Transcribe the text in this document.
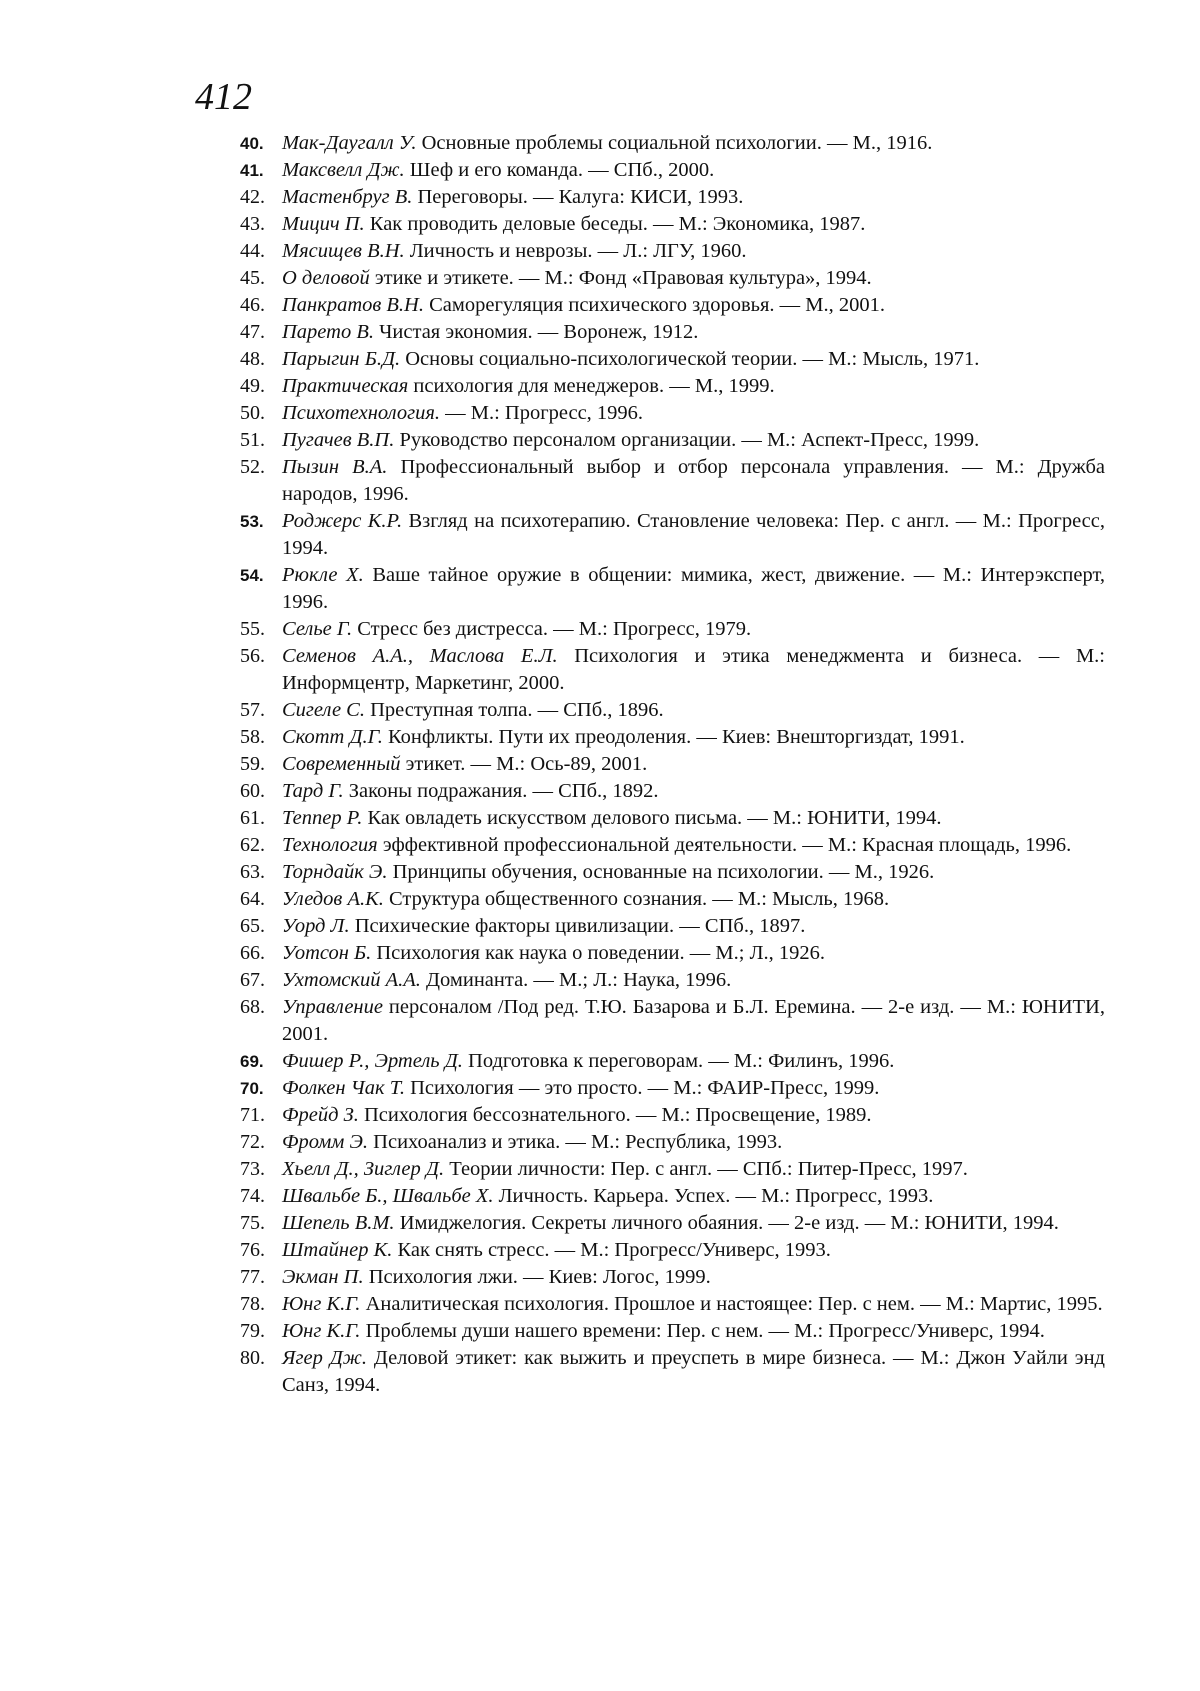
412
40. Мак-Даугалл У. Основные проблемы социальной психологии. — М., 1916.
41. Максвелл Дж. Шеф и его команда. — СПб., 2000.
42. Мастенбруг В. Переговоры. — Калуга: КИСИ, 1993.
43. Мицич П. Как проводить деловые беседы. — М.: Экономика, 1987.
44. Мясищев В.Н. Личность и неврозы. — Л.: ЛГУ, 1960.
45. О деловой этике и этикете. — М.: Фонд «Правовая культура», 1994.
46. Панкратов В.Н. Саморегуляция психического здоровья. — М., 2001.
47. Парето В. Чистая экономия. — Воронеж, 1912.
48. Парыгин Б.Д. Основы социально-психологической теории. — М.: Мысль, 1971.
49. Практическая психология для менеджеров. — М., 1999.
50. Психотехнология. — М.: Прогресс, 1996.
51. Пугачев В.П. Руководство персоналом организации. — М.: Аспект-Пресс, 1999.
52. Пызин В.А. Профессиональный выбор и отбор персонала управления. — М.: Дружба народов, 1996.
53. Роджерс К.Р. Взгляд на психотерапию. Становление человека: Пер. с англ. — М.: Прогресс, 1994.
54. Рюкле Х. Ваше тайное оружие в общении: мимика, жест, движение. — М.: Интерэксперт, 1996.
55. Селье Г. Стресс без дистресса. — М.: Прогресс, 1979.
56. Семенов А.А., Маслова Е.Л. Психология и этика менеджмента и бизнеса. — М.: Информцентр, Маркетинг, 2000.
57. Сигеле С. Преступная толпа. — СПб., 1896.
58. Скотт Д.Г. Конфликты. Пути их преодоления. — Киев: Внешторгиздат, 1991.
59. Современный этикет. — М.: Ось-89, 2001.
60. Тард Г. Законы подражания. — СПб., 1892.
61. Теппер Р. Как овладеть искусством делового письма. — М.: ЮНИТИ, 1994.
62. Технология эффективной профессиональной деятельности. — М.: Красная площадь, 1996.
63. Торндайк Э. Принципы обучения, основанные на психологии. — М., 1926.
64. Уледов А.К. Структура общественного сознания. — М.: Мысль, 1968.
65. Уорд Л. Психические факторы цивилизации. — СПб., 1897.
66. Уотсон Б. Психология как наука о поведении. — М.; Л., 1926.
67. Ухтомский А.А. Доминанта. — М.; Л.: Наука, 1996.
68. Управление персоналом /Под ред. Т.Ю. Базарова и Б.Л. Еремина. — 2-е изд. — М.: ЮНИТИ, 2001.
69. Фишер Р., Эртель Д. Подготовка к переговорам. — М.: Филинъ, 1996.
70. Фолкен Чак Т. Психология — это просто. — М.: ФАИР-Пресс, 1999.
71. Фрейд З. Психология бессознательного. — М.: Просвещение, 1989.
72. Фромм Э. Психоанализ и этика. — М.: Республика, 1993.
73. Хьелл Д., Зиглер Д. Теории личности: Пер. с англ. — СПб.: Питер-Пресс, 1997.
74. Швальбе Б., Швальбе Х. Личность. Карьера. Успех. — М.: Прогресс, 1993.
75. Шепель В.М. Имиджелогия. Секреты личного обаяния. — 2-е изд. — М.: ЮНИТИ, 1994.
76. Штайнер К. Как снять стресс. — М.: Прогресс/Универс, 1993.
77. Экман П. Психология лжи. — Киев: Логос, 1999.
78. Юнг К.Г. Аналитическая психология. Прошлое и настоящее: Пер. с нем. — М.: Мартис, 1995.
79. Юнг К.Г. Проблемы души нашего времени: Пер. с нем. — М.: Прогресс/Универс, 1994.
80. Ягер Дж. Деловой этикет: как выжить и преуспеть в мире бизнеса. — М.: Джон Уайли энд Санз, 1994.
